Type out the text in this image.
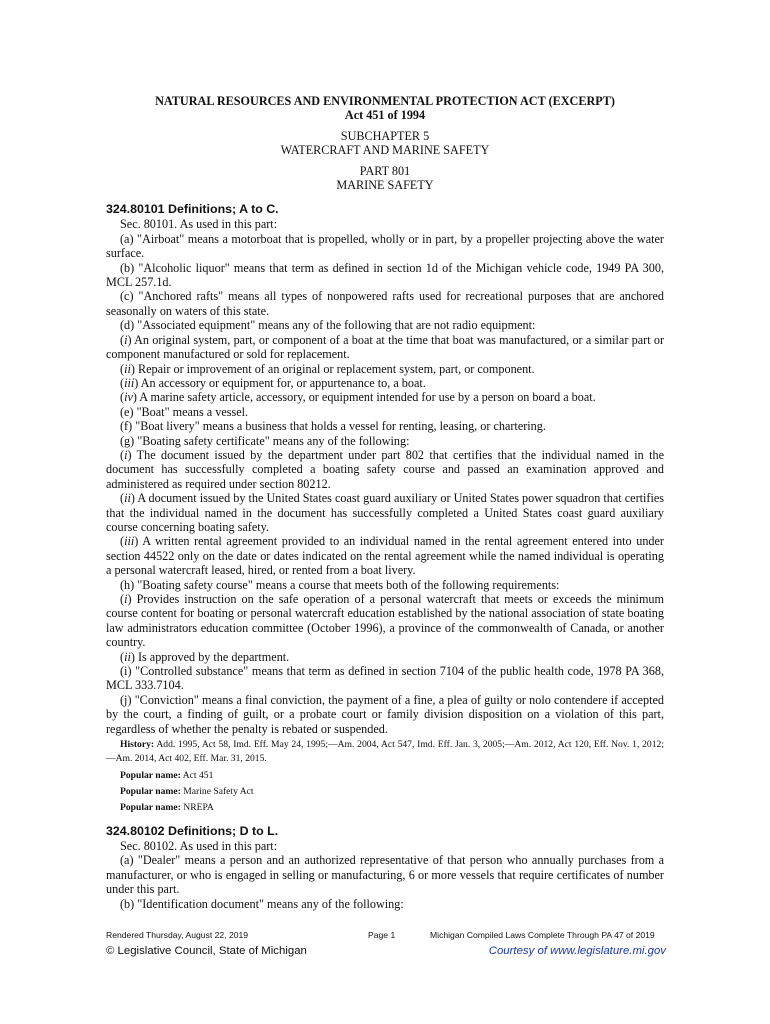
NATURAL RESOURCES AND ENVIRONMENTAL PROTECTION ACT (EXCERPT)
Act 451 of 1994
SUBCHAPTER 5
WATERCRAFT AND MARINE SAFETY
PART 801
MARINE SAFETY
324.80101 Definitions; A to C.

Sec. 80101. As used in this part:

(a) "Airboat" means a motorboat that is propelled, wholly or in part, by a propeller projecting above the water surface.

(b) "Alcoholic liquor" means that term as defined in section 1d of the Michigan vehicle code, 1949 PA 300, MCL 257.1d.

(c) "Anchored rafts" means all types of nonpowered rafts used for recreational purposes that are anchored seasonally on waters of this state.

(d) "Associated equipment" means any of the following that are not radio equipment:

(i) An original system, part, or component of a boat at the time that boat was manufactured, or a similar part or component manufactured or sold for replacement.

(ii) Repair or improvement of an original or replacement system, part, or component.

(iii) An accessory or equipment for, or appurtenance to, a boat.

(iv) A marine safety article, accessory, or equipment intended for use by a person on board a boat.

(e) "Boat" means a vessel.

(f) "Boat livery" means a business that holds a vessel for renting, leasing, or chartering.

(g) "Boating safety certificate" means any of the following:

(i) The document issued by the department under part 802 that certifies that the individual named in the document has successfully completed a boating safety course and passed an examination approved and administered as required under section 80212.

(ii) A document issued by the United States coast guard auxiliary or United States power squadron that certifies that the individual named in the document has successfully completed a United States coast guard auxiliary course concerning boating safety.

(iii) A written rental agreement provided to an individual named in the rental agreement entered into under section 44522 only on the date or dates indicated on the rental agreement while the named individual is operating a personal watercraft leased, hired, or rented from a boat livery.

(h) "Boating safety course" means a course that meets both of the following requirements:

(i) Provides instruction on the safe operation of a personal watercraft that meets or exceeds the minimum course content for boating or personal watercraft education established by the national association of state boating law administrators education committee (October 1996), a province of the commonwealth of Canada, or another country.

(ii) Is approved by the department.

(i) "Controlled substance" means that term as defined in section 7104 of the public health code, 1978 PA 368, MCL 333.7104.

(j) "Conviction" means a final conviction, the payment of a fine, a plea of guilty or nolo contendere if accepted by the court, a finding of guilt, or a probate court or family division disposition on a violation of this part, regardless of whether the penalty is rebated or suspended.

History: Add. 1995, Act 58, Imd. Eff. May 24, 1995;—Am. 2004, Act 547, Imd. Eff. Jan. 3, 2005;—Am. 2012, Act 120, Eff. Nov. 1, 2012;—Am. 2014, Act 402, Eff. Mar. 31, 2015.
Popular name: Act 451
Popular name: Marine Safety Act
Popular name: NREPA
324.80102 Definitions; D to L.

Sec. 80102. As used in this part:

(a) "Dealer" means a person and an authorized representative of that person who annually purchases from a manufacturer, or who is engaged in selling or manufacturing, 6 or more vessels that require certificates of number under this part.

(b) "Identification document" means any of the following:

Rendered Thursday, August 22, 2019	Page 1	Michigan Compiled Laws Complete Through PA 47 of 2019
© Legislative Council, State of Michigan	Courtesy of www.legislature.mi.gov
